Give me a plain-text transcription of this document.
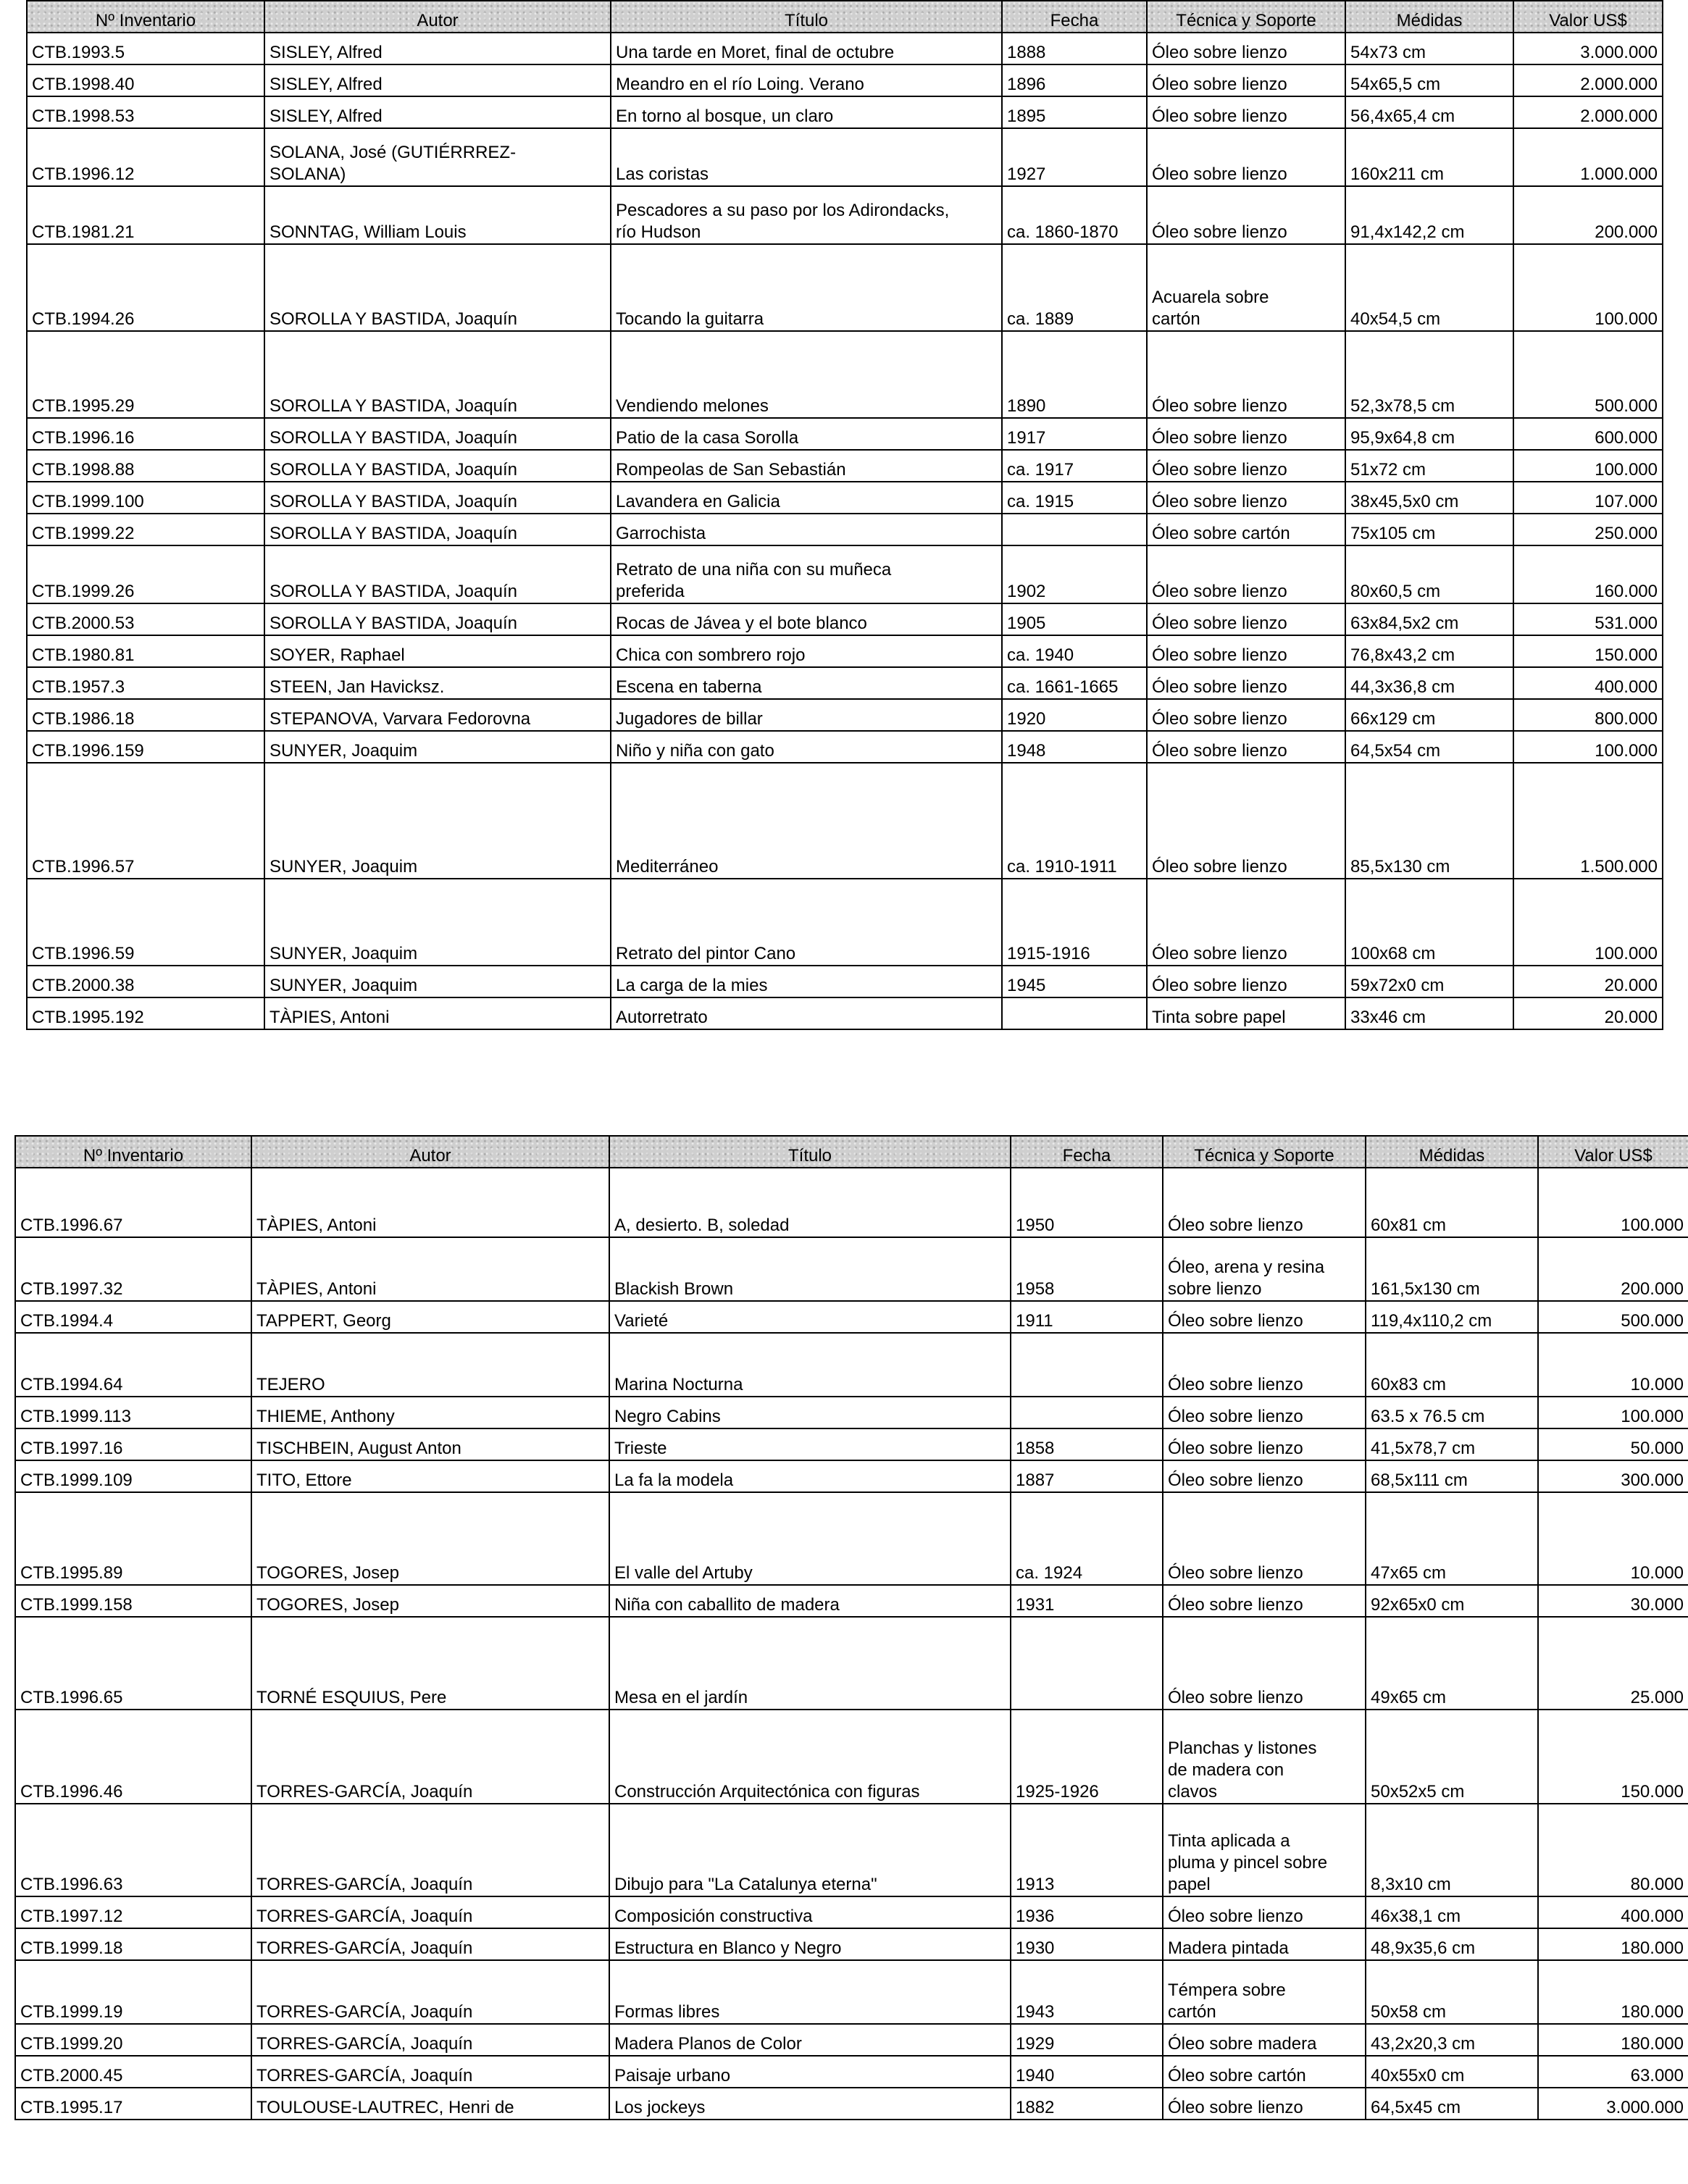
Nº Inventario	Autor	Título	Fecha	Técnica y Soporte	Médidas	Valor US$
CTB.1993.5	SISLEY, Alfred	Una tarde en Moret, final de octubre	1888	Óleo sobre lienzo	54x73 cm	3.000.000
CTB.1998.40	SISLEY, Alfred	Meandro en el río Loing. Verano	1896	Óleo sobre lienzo	54x65,5 cm	2.000.000
CTB.1998.53	SISLEY, Alfred	En torno al bosque, un claro	1895	Óleo sobre lienzo	56,4x65,4 cm	2.000.000
CTB.1996.12	SOLANA, José (GUTIÉRRREZ-
SOLANA)	Las coristas	1927	Óleo sobre lienzo	160x211 cm	1.000.000
CTB.1981.21	SONNTAG, William Louis	Pescadores a su paso por los Adirondacks,
río Hudson	ca. 1860-1870	Óleo sobre lienzo	91,4x142,2 cm	200.000
CTB.1994.26	SOROLLA Y BASTIDA, Joaquín	Tocando la guitarra	ca. 1889	Acuarela sobre
cartón	40x54,5 cm	100.000
CTB.1995.29	SOROLLA Y BASTIDA, Joaquín	Vendiendo melones	1890	Óleo sobre lienzo	52,3x78,5 cm	500.000
CTB.1996.16	SOROLLA Y BASTIDA, Joaquín	Patio de la casa Sorolla	1917	Óleo sobre lienzo	95,9x64,8 cm	600.000
CTB.1998.88	SOROLLA Y BASTIDA, Joaquín	Rompeolas de San Sebastián	ca. 1917	Óleo sobre lienzo	51x72 cm	100.000
CTB.1999.100	SOROLLA Y BASTIDA, Joaquín	Lavandera en Galicia	ca. 1915	Óleo sobre lienzo	38x45,5x0 cm	107.000
CTB.1999.22	SOROLLA Y BASTIDA, Joaquín	Garrochista		Óleo sobre cartón	75x105 cm	250.000
CTB.1999.26	SOROLLA Y BASTIDA, Joaquín	Retrato de una niña con su muñeca
preferida	1902	Óleo sobre lienzo	80x60,5 cm	160.000
CTB.2000.53	SOROLLA Y BASTIDA, Joaquín	Rocas de Jávea y el bote blanco	1905	Óleo sobre lienzo	63x84,5x2 cm	531.000
CTB.1980.81	SOYER, Raphael	Chica con sombrero rojo	ca. 1940	Óleo sobre lienzo	76,8x43,2 cm	150.000
CTB.1957.3	STEEN, Jan Havicksz.	Escena en taberna	ca. 1661-1665	Óleo sobre lienzo	44,3x36,8 cm	400.000
CTB.1986.18	STEPANOVA, Varvara Fedorovna	Jugadores de billar	1920	Óleo sobre lienzo	66x129 cm	800.000
CTB.1996.159	SUNYER, Joaquim	Niño y niña con gato	1948	Óleo sobre lienzo	64,5x54 cm	100.000
CTB.1996.57	SUNYER, Joaquim	Mediterráneo	ca. 1910-1911	Óleo sobre lienzo	85,5x130 cm	1.500.000
CTB.1996.59	SUNYER, Joaquim	Retrato del pintor Cano	1915-1916	Óleo sobre lienzo	100x68 cm	100.000
CTB.2000.38	SUNYER, Joaquim	La carga de la mies	1945	Óleo sobre lienzo	59x72x0 cm	20.000
CTB.1995.192	TÀPIES, Antoni	Autorretrato		Tinta sobre papel	33x46 cm	20.000
Nº Inventario	Autor	Título	Fecha	Técnica y Soporte	Médidas	Valor US$
CTB.1996.67	TÀPIES, Antoni	A, desierto. B, soledad	1950	Óleo sobre lienzo	60x81 cm	100.000
CTB.1997.32	TÀPIES, Antoni	Blackish Brown	1958	Óleo, arena y resina
sobre lienzo	161,5x130 cm	200.000
CTB.1994.4	TAPPERT, Georg	Varieté	1911	Óleo sobre lienzo	119,4x110,2 cm	500.000
CTB.1994.64	TEJERO	Marina Nocturna		Óleo sobre lienzo	60x83 cm	10.000
CTB.1999.113	THIEME, Anthony	Negro Cabins		Óleo sobre lienzo	63.5 x 76.5 cm	100.000
CTB.1997.16	TISCHBEIN, August Anton	Trieste	1858	Óleo sobre lienzo	41,5x78,7 cm	50.000
CTB.1999.109	TITO, Ettore	La fa la modela	1887	Óleo sobre lienzo	68,5x111 cm	300.000
CTB.1995.89	TOGORES, Josep	El valle del Artuby	ca. 1924	Óleo sobre lienzo	47x65 cm	10.000
CTB.1999.158	TOGORES, Josep	Niña con caballito de madera	1931	Óleo sobre lienzo	92x65x0 cm	30.000
CTB.1996.65	TORNÉ ESQUIUS, Pere	Mesa en el jardín		Óleo sobre lienzo	49x65 cm	25.000
CTB.1996.46	TORRES-GARCÍA, Joaquín	Construcción Arquitectónica con figuras	1925-1926	Planchas y listones
de madera con
clavos	50x52x5 cm	150.000
CTB.1996.63	TORRES-GARCÍA, Joaquín	Dibujo para "La Catalunya eterna"	1913	Tinta aplicada a
pluma y pincel sobre
papel	8,3x10 cm	80.000
CTB.1997.12	TORRES-GARCÍA, Joaquín	Composición constructiva	1936	Óleo sobre lienzo	46x38,1 cm	400.000
CTB.1999.18	TORRES-GARCÍA, Joaquín	Estructura en Blanco y Negro	1930	Madera pintada	48,9x35,6 cm	180.000
CTB.1999.19	TORRES-GARCÍA, Joaquín	Formas libres	1943	Témpera sobre
cartón	50x58 cm	180.000
CTB.1999.20	TORRES-GARCÍA, Joaquín	Madera Planos de Color	1929	Óleo sobre madera	43,2x20,3 cm	180.000
CTB.2000.45	TORRES-GARCÍA, Joaquín	Paisaje urbano	1940	Óleo sobre cartón	40x55x0 cm	63.000
CTB.1995.17	TOULOUSE-LAUTREC, Henri de	Los jockeys	1882	Óleo sobre lienzo	64,5x45 cm	3.000.000
